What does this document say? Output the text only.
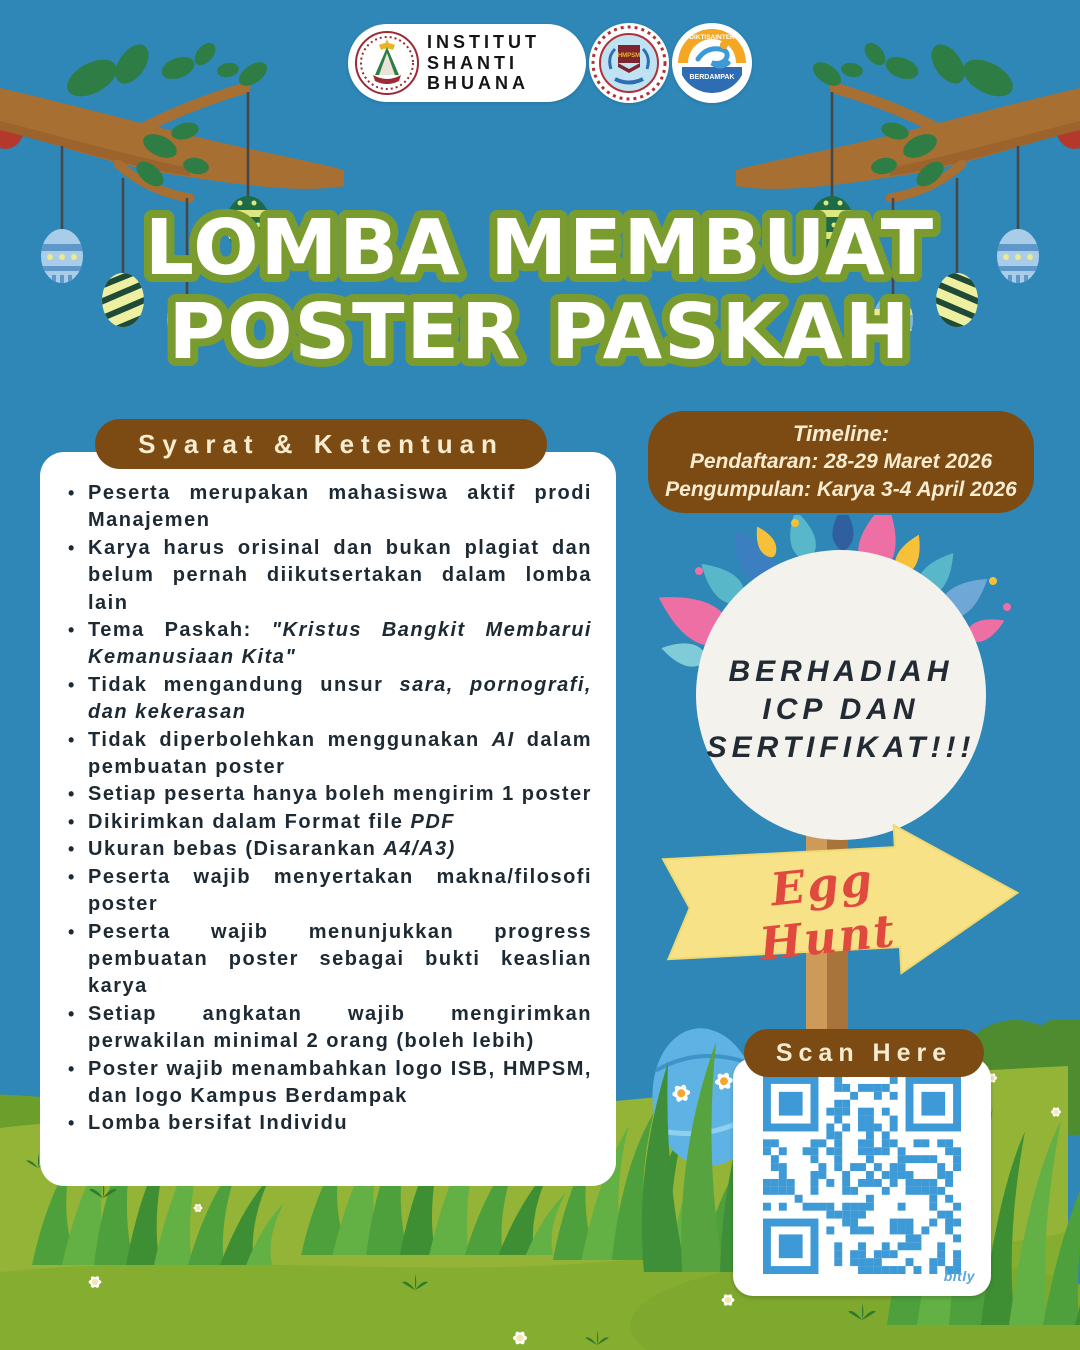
INSTITUT
SHANTI
BHUANA
HMPSM
DIKTISAINTEK
BERDAMPAK
LOMBA MEMBUAT
POSTER PASKAH
• Peserta merupakan mahasiswa aktif prodi Manajemen
• Karya harus orisinal dan bukan plagiat dan belum pernah diikutsertakan dalam lomba lain
• Tema Paskah: "Kristus Bangkit Membarui Kemanusiaan Kita"
• Tidak mengandung unsur sara, pornografi, dan kekerasan
• Tidak diperbolehkan menggunakan AI dalam pembuatan poster
• Setiap peserta hanya boleh mengirim 1 poster
• Dikirimkan dalam Format file PDF
• Ukuran bebas (Disarankan A4/A3)
• Peserta wajib menyertakan makna/filosofi poster
• Peserta wajib menunjukkan progress pembuatan poster sebagai bukti keaslian karya
• Setiap angkatan wajib mengirimkan perwakilan minimal 2 orang (boleh lebih)
• Poster wajib menambahkan logo ISB, HMPSM, dan logo Kampus Berdampak
• Lomba bersifat Individu
Syarat & Ketentuan	Timeline:
Pendaftaran: 28-29 Maret 2026
Pengumpulan: Karya 3-4 April 2026
BERHADIAH
ICP DAN
SERTIFIKAT!!!
Egg Hunt
bitly
Scan Here
